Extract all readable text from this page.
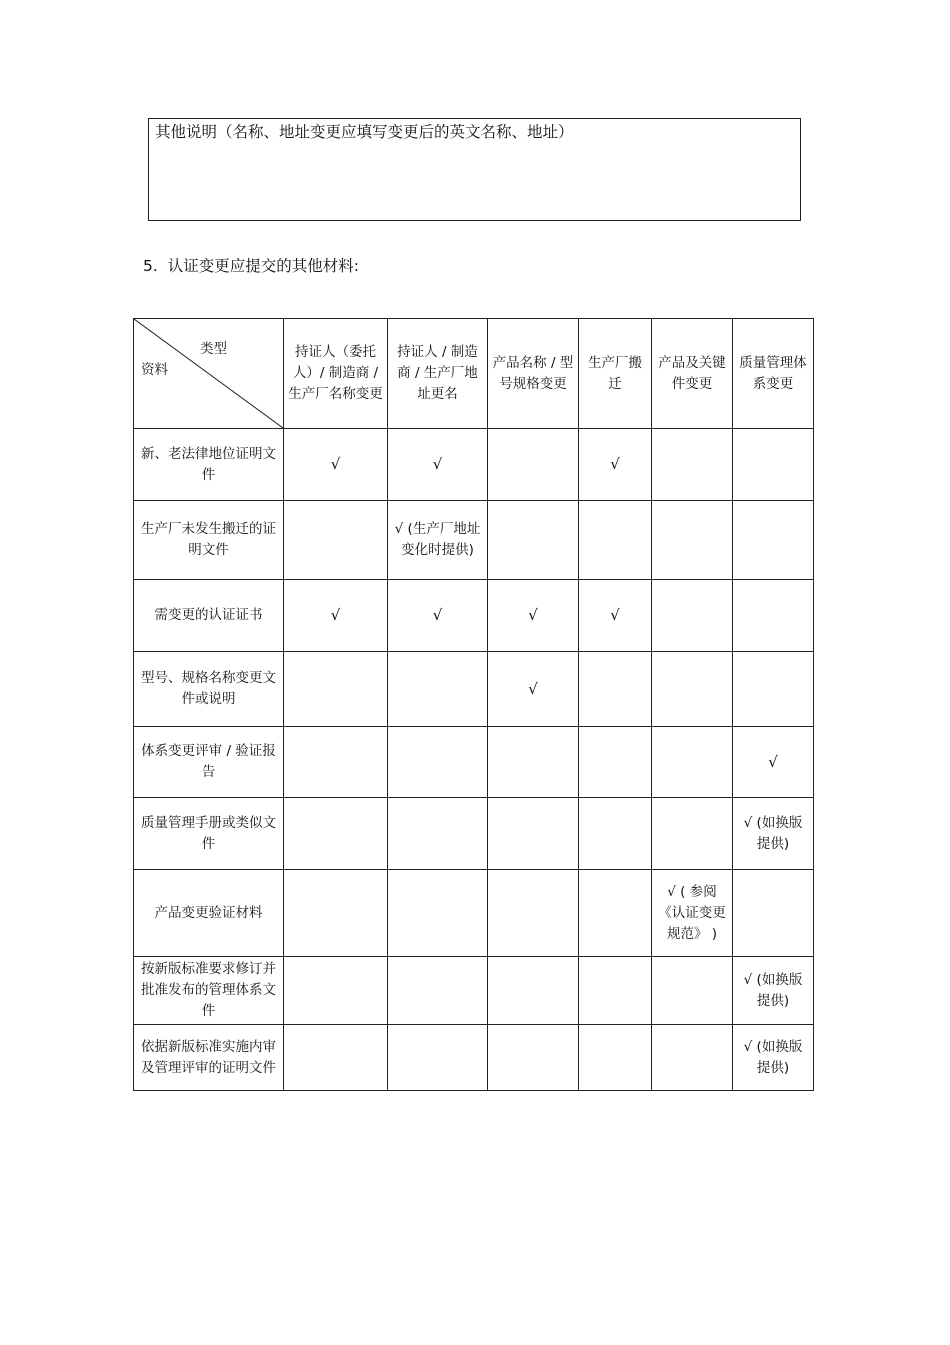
其他说明（名称、地址变更应填写变更后的英文名称、地址）
5. 认证变更应提交的其他材料:
类型
资料	持证人（委托人）/ 制造商 / 生产厂名称变更	持证人 / 制造商 / 生产厂地址更名	产品名称 / 型号规格变更	生产厂搬迁	产品及关键件变更	质量管理体系变更
新、老法律地位证明文件	√	√		√		
生产厂未发生搬迁的证明文件		√ (生产厂地址变化时提供)				
需变更的认证证书	√	√	√	√		
型号、规格名称变更文件或说明			√			
体系变更评审 / 验证报告						√
质量管理手册或类似文件						√ (如换版提供)
产品变更验证材料					√ ( 参阅《认证变更规范》 )	
按新版标准要求修订并批准发布的管理体系文件						√ (如换版提供)
依据新版标准实施内审及管理评审的证明文件						√ (如换版提供)
